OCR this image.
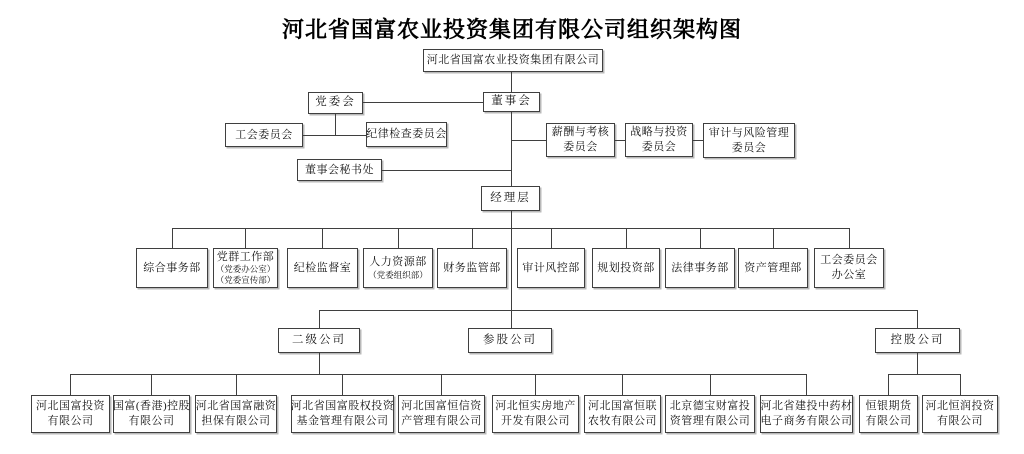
河北省国富农业投资集团有限公司组织架构图
河北省国富农业投资集团有限公司
党委会	董事会
工会委员会	纪律检查委员会	薪酬与考核
委员会
战略与投资
委员会
审计与风险管理
委员会
董事会秘书处
经理层
综合事务部
党群工作部
（党委办公室）
（党委宣传部）
纪检监督室 人力资源部
（党委组织部）
财务监管部 审计风控部 规划投资部 法律事务部 资产管理部
工会委员会
办公室
二级公司	参股公司	控股公司
河北国富投资
有限公司
国富(香港)控股
有限公司
河北省国富融资
担保有限公司
河北省国富股权投资
基金管理有限公司
河北国富恒信资
产管理有限公司
河北恒实房地产
开发有限公司
河北国富恒联
农牧有限公司
北京德宝财富投
资管理有限公司
河北省建投中药材
电子商务有限公司
恒银期货
有限公司
河北恒润投资
有限公司
